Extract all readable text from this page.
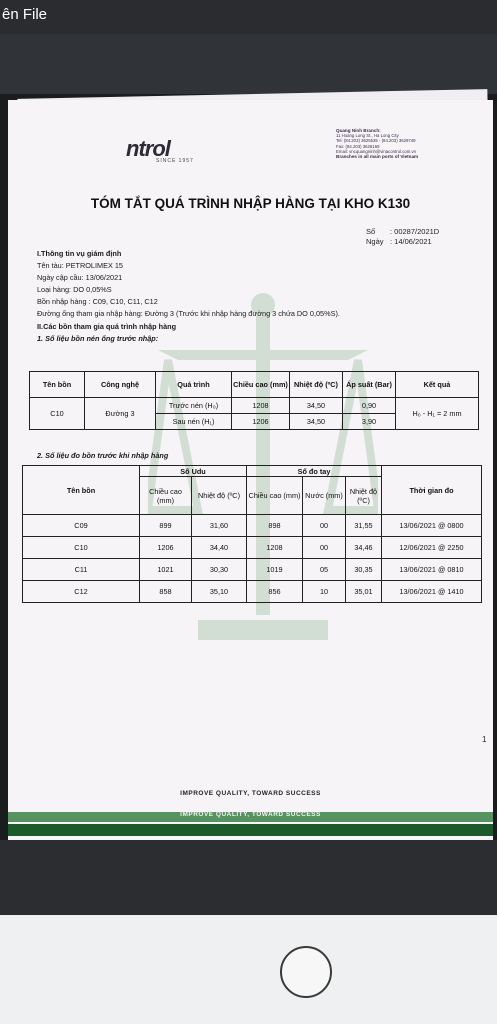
ên File
ntrol
SINCE 1957
Quang Ninh Branch:
11 Hoang Long St., Ha Long City
Tel: (84.203) 3625535 - (84.203) 3629749
Fax: (84.203) 3626169
Email: vncquangninh@vinacontrol.com.vn
Branches in all main ports of Vietnam
TÓM TẮT QUÁ TRÌNH NHẬP HÀNG TẠI KHO K130
Số : 00287/2021D
Ngày : 14/06/2021
I.Thông tin vụ giám định
Tên tàu: PETROLIMEX 15
Ngày cập cầu: 13/06/2021
Loại hàng: DO 0,05%S
Bồn nhập hàng : C09, C10, C11, C12
Đường ống tham gia nhập hàng: Đường 3 (Trước khi nhập hàng đường 3 chứa DO 0,05%S).
II.Các bồn tham gia quá trình nhập hàng
1. Số liệu bồn nén ống trước nhập:
Tên bồn	Công nghệ	Quá trình	Chiều cao (mm)	Nhiệt độ (ºC)	Áp suất (Bar)	Kết quả
C10	Đường 3	Trước nén (H₀)	1208	34,50	0,90	H₀ - H₁ = 2 mm
		Sau nén (H₁)	1206	34,50	3,90	
2. Số liệu đo bồn trước khi nhập hàng
Tên bồn	Số Udu		Số đo tay			Thời gian đo
	Chiều cao (mm)	Nhiệt độ (ºC)	Chiều cao (mm)	Nước (mm)	Nhiệt độ (ºC)	
C09	899	31,60	898	00	31,55	13/06/2021 @ 0800
C10	1206	34,40	1208	00	34,46	12/06/2021 @ 2250
C11	1021	30,30	1019	05	30,35	13/06/2021 @ 0810
C12	858	35,10	856	10	35,01	13/06/2021 @ 1410
1
IMPROVE QUALITY, TOWARD SUCCESS
IMPROVE QUALITY, TOWARD SUCCESS
